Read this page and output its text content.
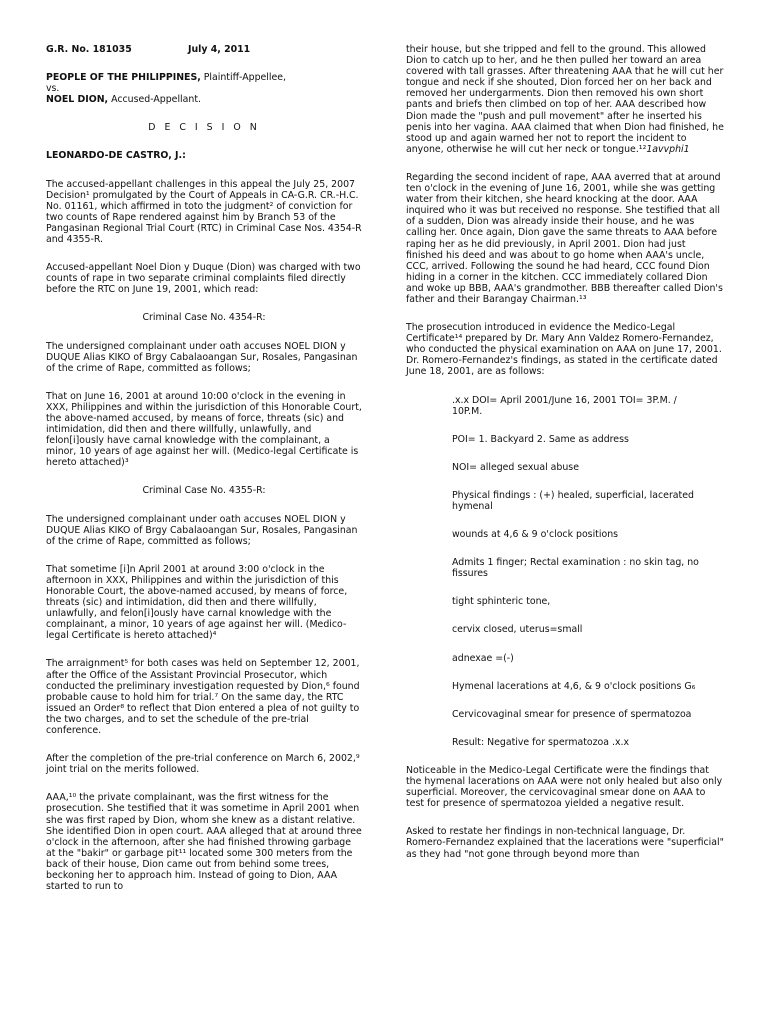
G.R. No. 181035	July 4, 2011
PEOPLE OF THE PHILIPPINES, Plaintiff-Appellee,
vs.
NOEL DION, Accused-Appellant.

D E C I S I O N

LEONARDO-DE CASTRO, J.:

The accused-appellant challenges in this appeal the July 25, 2007 Decision¹ promulgated by the Court of Appeals in CA-G.R. CR.-H.C. No. 01161, which affirmed in toto the judgment² of conviction for two counts of Rape rendered against him by Branch 53 of the Pangasinan Regional Trial Court (RTC) in Criminal Case Nos. 4354-R and 4355-R.

Accused-appellant Noel Dion y Duque (Dion) was charged with two counts of rape in two separate criminal complaints filed directly before the RTC on June 19, 2001, which read:

Criminal Case No. 4354-R:

The undersigned complainant under oath accuses NOEL DION y DUQUE Alias KIKO of Brgy Cabalaoangan Sur, Rosales, Pangasinan of the crime of Rape, committed as follows;

That on June 16, 2001 at around 10:00 o'clock in the evening in XXX, Philippines and within the jurisdiction of this Honorable Court, the above-named accused, by means of force, threats (sic) and intimidation, did then and there willfully, unlawfully, and felon[i]ously have carnal knowledge with the complainant, a minor, 10 years of age against her will. (Medico-legal Certificate is hereto attached)³

Criminal Case No. 4355-R:

The undersigned complainant under oath accuses NOEL DION y DUQUE Alias KIKO of Brgy Cabalaoangan Sur, Rosales, Pangasinan of the crime of Rape, committed as follows;

That sometime [i]n April 2001 at around 3:00 o'clock in the afternoon in XXX, Philippines and within the jurisdiction of this Honorable Court, the above-named accused, by means of force, threats (sic) and intimidation, did then and there willfully, unlawfully, and felon[i]ously have carnal knowledge with the complainant, a minor, 10 years of age against her will. (Medico-legal Certificate is hereto attached)⁴

The arraignment⁵ for both cases was held on September 12, 2001, after the Office of the Assistant Provincial Prosecutor, which conducted the preliminary investigation requested by Dion,⁶ found probable cause to hold him for trial.⁷ On the same day, the RTC issued an Order⁸ to reflect that Dion entered a plea of not guilty to the two charges, and to set the schedule of the pre-trial conference.

After the completion of the pre-trial conference on March 6, 2002,⁹ joint trial on the merits followed.

AAA,¹⁰ the private complainant, was the first witness for the prosecution. She testified that it was sometime in April 2001 when she was first raped by Dion, whom she knew as a distant relative. She identified Dion in open court. AAA alleged that at around three o'clock in the afternoon, after she had finished throwing garbage at the "bakir" or garbage pit¹¹ located some 300 meters from the back of their house, Dion came out from behind some trees, beckoning her to approach him. Instead of going to Dion, AAA started to run to

their house, but she tripped and fell to the ground. This allowed Dion to catch up to her, and he then pulled her toward an area covered with tall grasses. After threatening AAA that he will cut her tongue and neck if she shouted, Dion forced her on her back and removed her undergarments. Dion then removed his own short pants and briefs then climbed on top of her. AAA described how Dion made the "push and pull movement" after he inserted his penis into her vagina. AAA claimed that when Dion had finished, he stood up and again warned her not to report the incident to anyone, otherwise he will cut her neck or tongue.¹²1avvphi1

Regarding the second incident of rape, AAA averred that at around ten o'clock in the evening of June 16, 2001, while she was getting water from their kitchen, she heard knocking at the door. AAA inquired who it was but received no response. She testified that all of a sudden, Dion was already inside their house, and he was calling her. 0nce again, Dion gave the same threats to AAA before raping her as he did previously, in April 2001. Dion had just finished his deed and was about to go home when AAA's uncle, CCC, arrived. Following the sound he had heard, CCC found Dion hiding in a corner in the kitchen. CCC immediately collared Dion and woke up BBB, AAA's grandmother. BBB thereafter called Dion's father and their Barangay Chairman.¹³

The prosecution introduced in evidence the Medico-Legal Certificate¹⁴ prepared by Dr. Mary Ann Valdez Romero-Fernandez, who conducted the physical examination on AAA on June 17, 2001. Dr. Romero-Fernandez's findings, as stated in the certificate dated June 18, 2001, are as follows:

.x.x DOI= April 2001/June 16, 2001 TOI= 3P.M. / 10P.M.
POI= 1. Backyard 2. Same as address
NOI= alleged sexual abuse
Physical findings : (+) healed, superficial, lacerated hymenal
wounds at 4,6 & 9 o'clock positions
Admits 1 finger; Rectal examination : no skin tag, no fissures
tight sphinteric tone,
cervix closed, uterus=small
adnexae =(-)
Hymenal lacerations at 4,6, & 9 o'clock positions G₆
Cervicovaginal smear for presence of spermatozoa
Result: Negative for spermatozoa .x.x

Noticeable in the Medico-Legal Certificate were the findings that the hymenal lacerations on AAA were not only healed but also only superficial. Moreover, the cervicovaginal smear done on AAA to test for presence of spermatozoa yielded a negative result.

Asked to restate her findings in non-technical language, Dr. Romero-Fernandez explained that the lacerations were "superficial" as they had "not gone through beyond more than
